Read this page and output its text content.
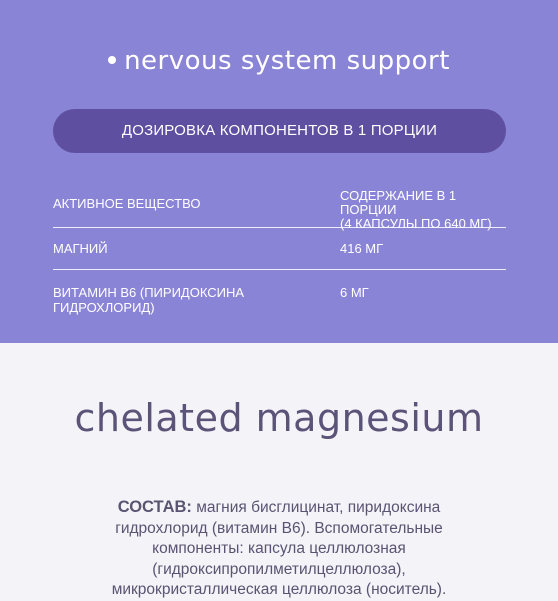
nervous system support
ДОЗИРОВКА КОМПОНЕНТОВ В 1 ПОРЦИИ
АКТИВНОЕ ВЕЩЕСТВО
СОДЕРЖАНИЕ В 1 ПОРЦИИ
(4 КАПСУЛЫ ПО 640 МГ)
МАГНИЙ	416 МГ
ВИТАМИН В6 (ПИРИДОКСИНА ГИДРОХЛОРИД)
6 МГ
chelated magnesium
СОСТАВ: магния бисглицинат, пиридоксина гидрохлорид (витамин В6). Вспомогательные компоненты: капсула целлюлозная (гидроксипропилметилцеллюлоза), микрокристаллическая целлюлоза (носитель).
